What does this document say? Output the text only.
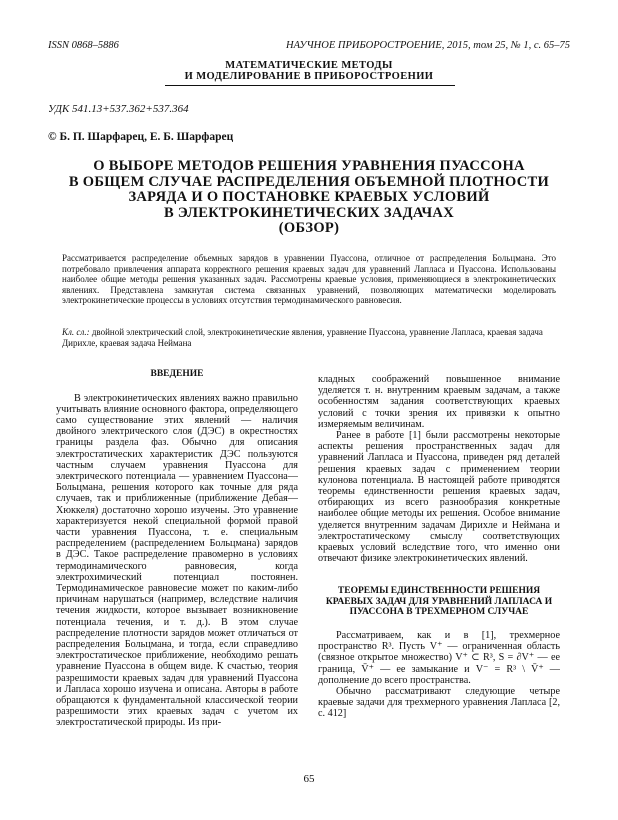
ISSN 0868–5886	НАУЧНОЕ ПРИБОРОСТРОЕНИЕ, 2015, том 25, № 1, c. 65–75
МАТЕМАТИЧЕСКИЕ МЕТОДЫ
И МОДЕЛИРОВАНИЕ В ПРИБОРОСТРОЕНИИ
УДК 541.13+537.362+537.364
© Б. П. Шарфарец, Е. Б. Шарфарец
О ВЫБОРЕ МЕТОДОВ РЕШЕНИЯ УРАВНЕНИЯ ПУАССОНА
В ОБЩЕМ СЛУЧАЕ РАСПРЕДЕЛЕНИЯ ОБЪЕМНОЙ ПЛОТНОСТИ
ЗАРЯДА И О ПОСТАНОВКЕ КРАЕВЫХ УСЛОВИЙ
В ЭЛЕКТРОКИНЕТИЧЕСКИХ ЗАДАЧАХ
(ОБЗОР)
Рассматривается распределение объемных зарядов в уравнении Пуассона, отличное от распределения Больцмана. Это потребовало привлечения аппарата корректного решения краевых задач для уравнений Лапласа и Пуассона. Использованы наиболее общие методы решения указанных задач. Рассмотрены краевые условия, применяющиеся в электрокинетических явлениях. Представлена замкнутая система связанных уравнений, позволяющих математически моделировать электрокинетические процессы в условиях отсутствия термодинамического равновесия.
Кл. сл.: двойной электрический слой, электрокинетические явления, уравнение Пуассона, уравнение Лапласа, краевая задача Дирихле, краевая задача Неймана
ВВЕДЕНИЕ

В электрокинетических явлениях важно правильно учитывать влияние основного фактора, определяющего само существование этих явлений — наличия двойного электрического слоя (ДЭС) в окрестностях границы раздела фаз. Обычно для описания электростатических характеристик ДЭС пользуются частным случаем уравнения Пуассона для электрического потенциала — уравнением Пуассона—Больцмана, решения которого как точные для ряда случаев, так и приближенные (приближение Дебая—Хюккеля) достаточно хорошо изучены. Это уравнение характеризуется некой специальной формой правой части уравнения Пуассона, т. е. специальным распределением (распределением Больцмана) зарядов в ДЭС. Такое распределение правомерно в условиях термодинамического равновесия, когда электрохимический потенциал постоянен. Термодинамическое равновесие может по каким-либо причинам нарушаться (например, вследствие наличия течения жидкости, которое вызывает возникновение потенциала течения, и т. д.). В этом случае распределение плотности зарядов может отличаться от распределения Больцмана, и тогда, если справедливо электростатическое приближение, необходимо решать уравнение Пуассона в общем виде. К счастью, теория разрешимости краевых задач для уравнений Пуассона и Лапласа хорошо изучена и описана. Авторы в работе обращаются к фундаментальной классической теории разрешимости этих краевых задач с учетом их электростатической природы. Из при-

кладных соображений повышенное внимание уделяется т. н. внутренним краевым задачам, а также особенностям задания соответствующих краевых условий с точки зрения их привязки к опытно измеряемым величинам.

Ранее в работе [1] были рассмотрены некоторые аспекты решения пространственных задач для уравнений Лапласа и Пуассона, приведен ряд деталей решения краевых задач с применением теории кулонова потенциала. В настоящей работе приводятся теоремы единственности решения краевых задач, отбирающих из всего разнообразия конкретные наиболее общие методы их решения. Особое внимание уделяется внутренним задачам Дирихле и Неймана и электростатическому смыслу соответствующих краевых условий вследствие того, что именно они отвечают физике электрокинетических явлений.

ТЕОРЕМЫ ЕДИНСТВЕННОСТИ РЕШЕНИЯ КРАЕВЫХ ЗАДАЧ ДЛЯ УРАВНЕНИЙ ЛАПЛАСА И ПУАССОНА В ТРЕХМЕРНОМ СЛУЧАЕ

Рассматриваем, как и в [1], трехмерное пространство R³. Пусть V⁺ — ограниченная область (связное открытое множество) V⁺ ⊂ R³, S = ∂V⁺ — ее граница, V̄⁺ — ее замыкание и V⁻ = R³ \ V̄⁺ — дополнение до всего пространства.

Обычно рассматривают следующие четыре краевые задачи для трехмерного уравнения Лапласа [2, с. 412]

65
